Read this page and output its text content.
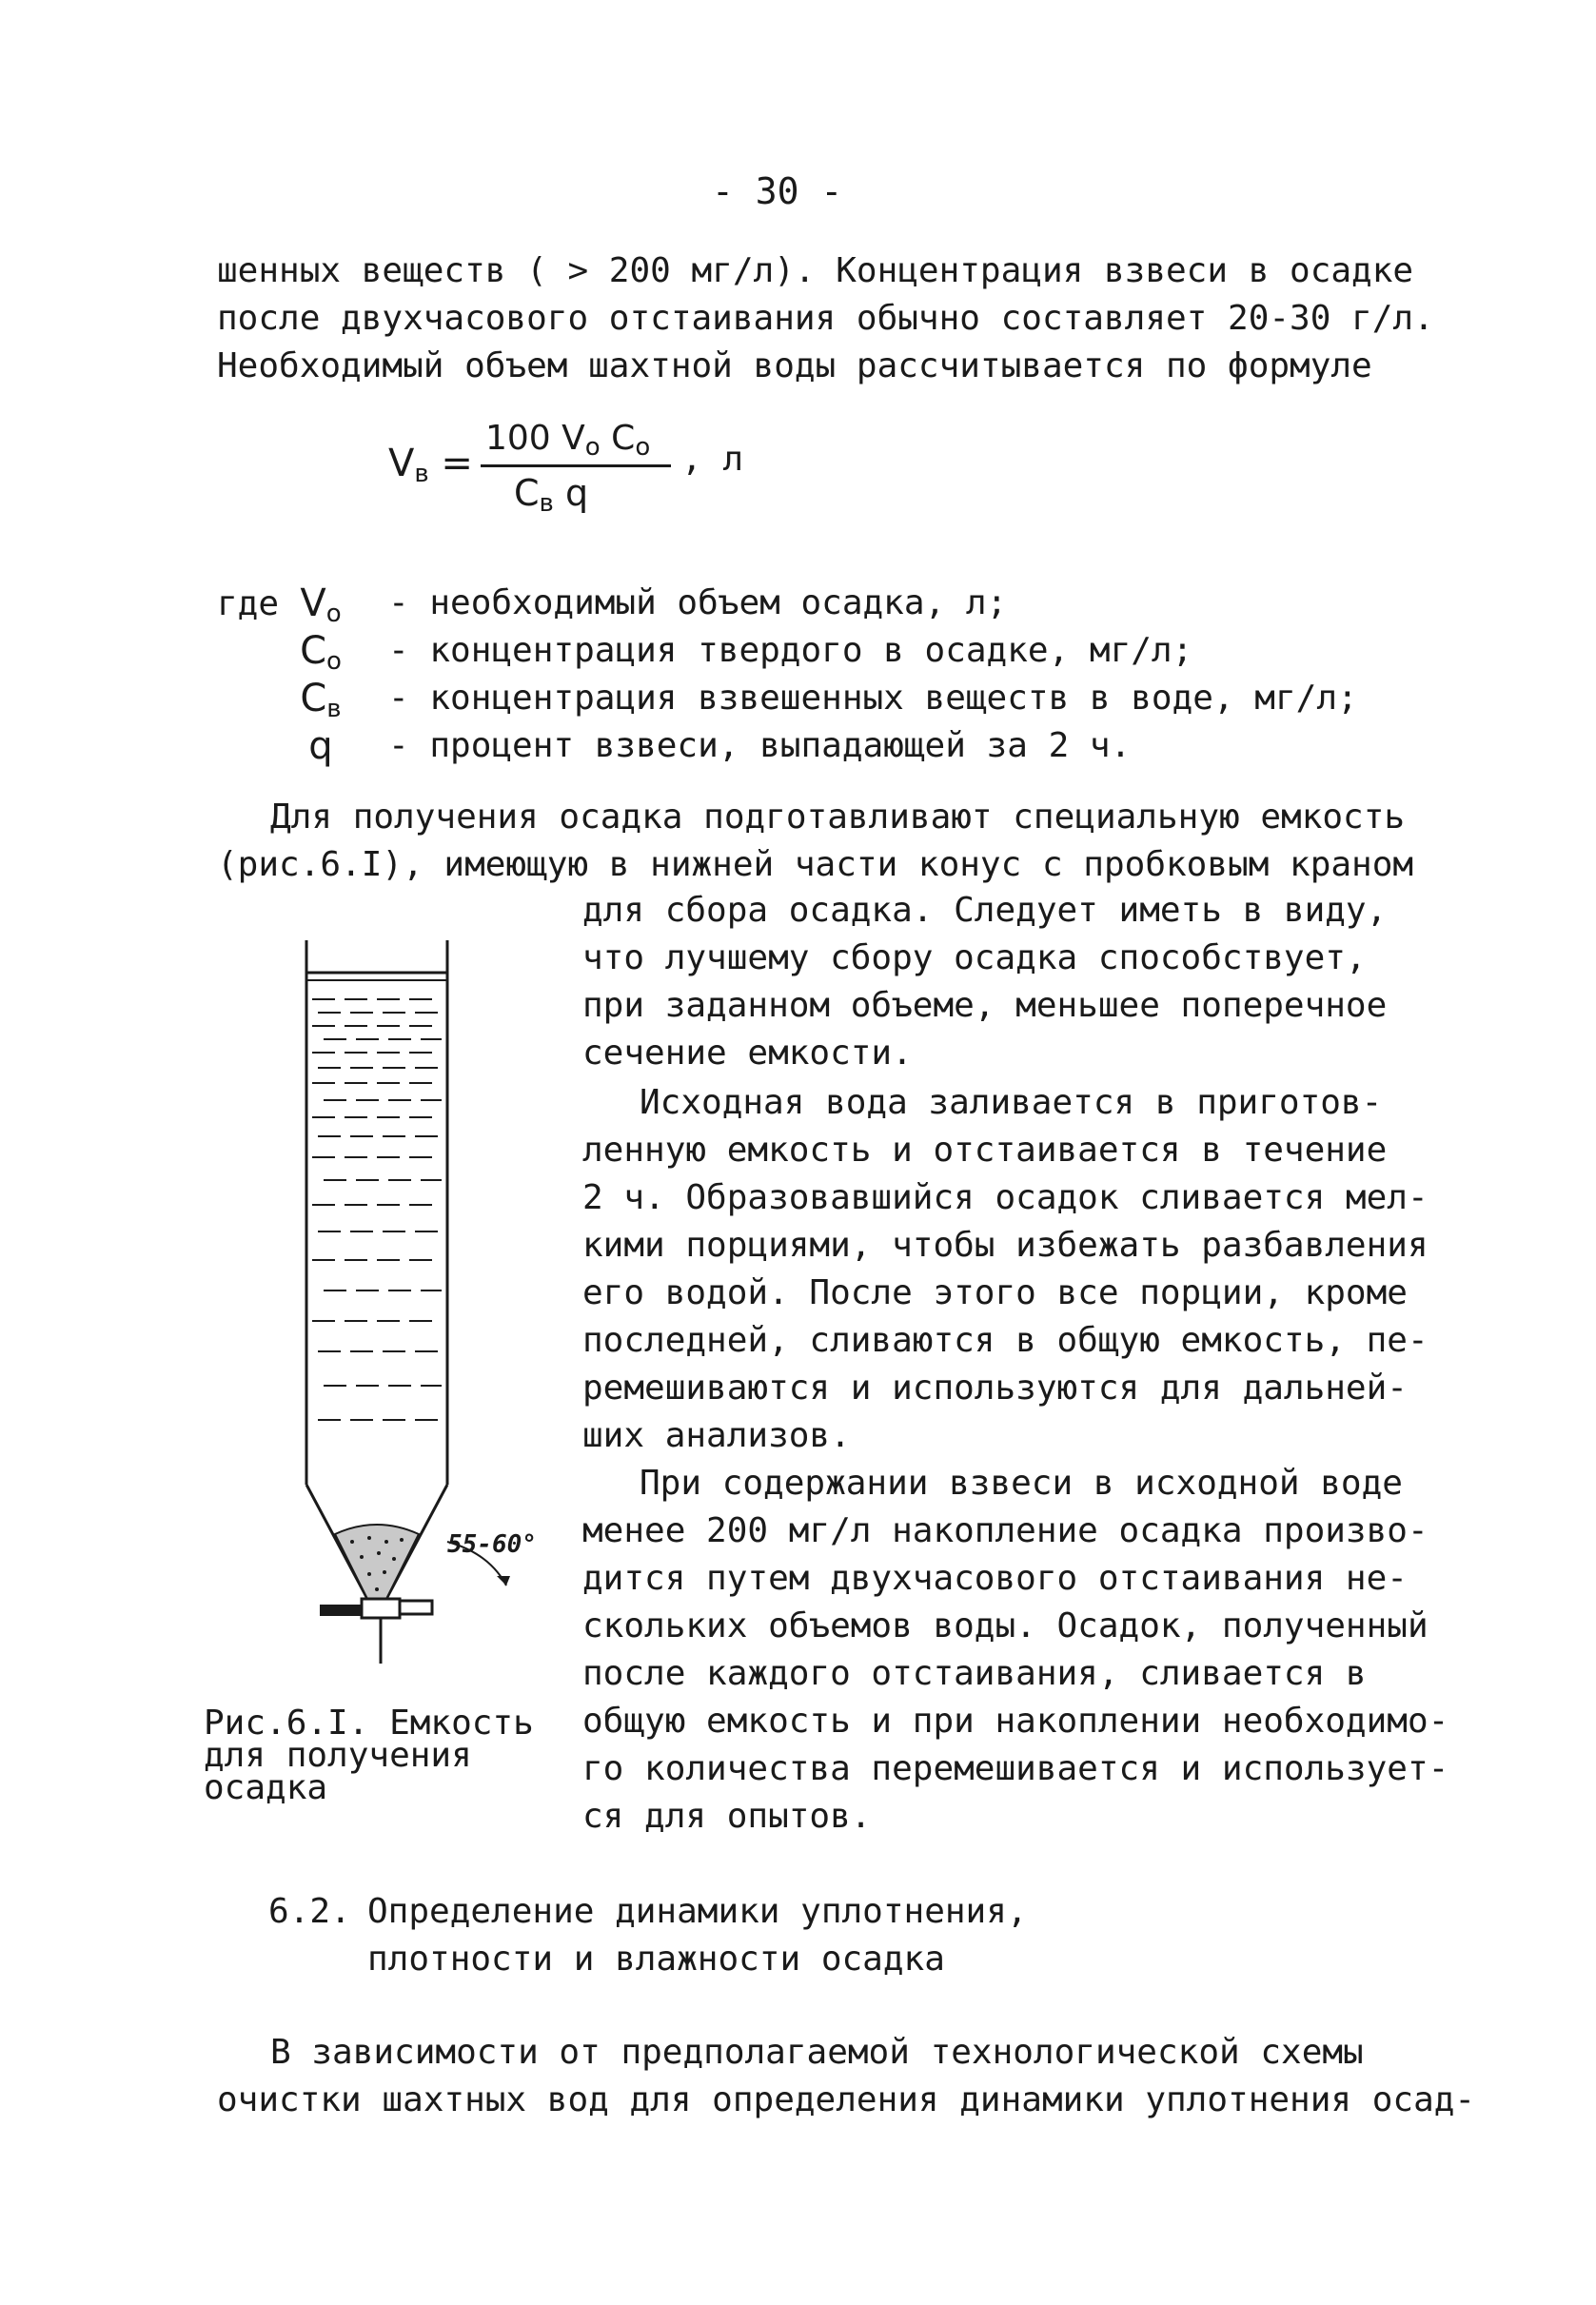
- 30 -
шенных веществ ( > 200 мг/л). Концентрация взвеси в осадке
после двухчасового отстаивания обычно составляет 20-30 г/л.
Необходимый объем шахтной воды рассчитывается по формуле
$V_в$ =
100 $V_o$ $C_o$
$C_в$ q
, л
где $V_о$	- необходимый объем осадка, л;
$C_о$	- концентрация твердого в осадке, мг/л;
$C_в$	- концентрация взвешенных веществ в воде, мг/л;
q	- процент взвеси, выпадающей за 2 ч.
Для получения осадка подготавливают специальную емкость
(рис.6.I), имеющую в нижней части конус с пробковым краном
для сбора осадка. Следует иметь в виду,
что лучшему сбору осадка способствует,
при заданном объеме, меньшее поперечное
сечение емкости.
Исходная вода заливается в приготов-
ленную емкость и отстаивается в течение
2 ч. Образовавшийся осадок сливается мел-
кими порциями, чтобы избежать разбавления
его водой. После этого все порции, кроме
последней, сливаются в общую емкость, пе-
ремешиваются и используются для дальней-
ших анализов.
При содержании взвеси в исходной воде
менее 200 мг/л накопление осадка произво-
дится путем двухчасового отстаивания не-
скольких объемов воды. Осадок, полученный
после каждого отстаивания, сливается в
общую емкость и при накоплении необходимо-
го количества перемешивается и использует-
ся для опытов.
55-60°
Рис.6.I. Емкость
для получения
осадка
6.2. Определение динамики уплотнения,
плотности и влажности осадка
В зависимости от предполагаемой технологической схемы
очистки шахтных вод для определения динамики уплотнения осад-
